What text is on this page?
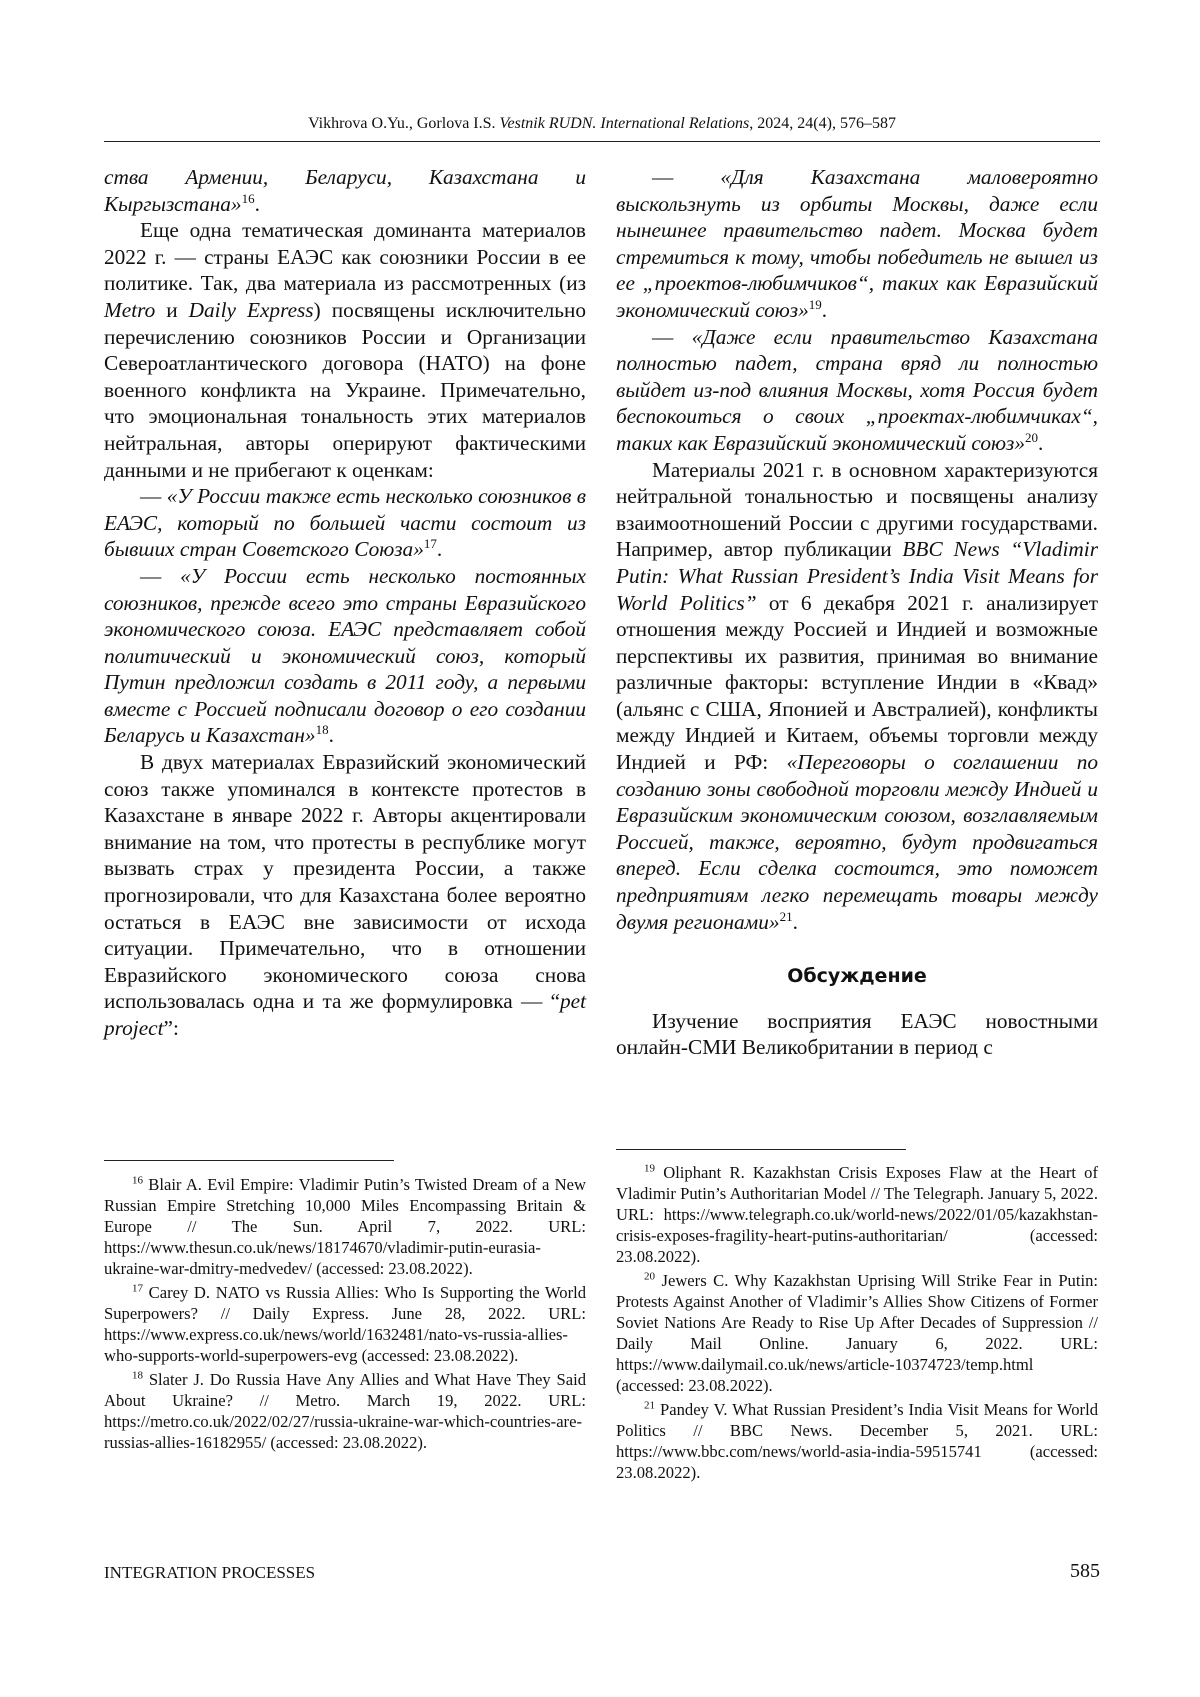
Vikhrova O.Yu., Gorlova I.S. Vestnik RUDN. International Relations, 2024, 24(4), 576–587

ства Армении, Беларуси, Казахстана и Кыргызстана»$^{16}$.

Еще одна тематическая доминанта материалов 2022 г. — страны ЕАЭС как союзники России в ее политике. Так, два материала из рассмотренных (из Metro и Daily Express) посвящены исключительно перечислению союзников России и Организации Североатлантического договора (НАТО) на фоне военного конфликта на Украине. Примечательно, что эмоциональная тональность этих материалов нейтральная, авторы оперируют фактическими данными и не прибегают к оценкам:

— «У России также есть несколько союзников в ЕАЭС, который по большей части состоит из бывших стран Советского Союза»$^{17}$.

— «У России есть несколько постоянных союзников, прежде всего это страны Евразийского экономического союза. ЕАЭС представляет собой политический и экономический союз, который Путин предложил создать в 2011 году, а первыми вместе с Россией подписали договор о его создании Беларусь и Казахстан»$^{18}$.

В двух материалах Евразийский экономический союз также упоминался в контексте протестов в Казахстане в январе 2022 г. Авторы акцентировали внимание на том, что протесты в республике могут вызвать страх у президента России, а также прогнозировали, что для Казахстана более вероятно остаться в ЕАЭС вне зависимости от исхода ситуации. Примечательно, что в отношении Евразийского экономического союза снова использовалась одна и та же формулировка — “pet project”:

— «Для Казахстана маловероятно выскользнуть из орбиты Москвы, даже если нынешнее правительство падет. Москва будет стремиться к тому, чтобы победитель не вышел из ее „проектов-любимчиков“, таких как Евразийский экономический союз»$^{19}$.

— «Даже если правительство Казахстана полностью падет, страна вряд ли полностью выйдет из-под влияния Москвы, хотя Россия будет беспокоиться о своих „проектах-любимчиках“, таких как Евразийский экономический союз»$^{20}$.

Материалы 2021 г. в основном характеризуются нейтральной тональностью и посвящены анализу взаимоотношений России с другими государствами. Например, автор публикации BBC News “Vladimir Putin: What Russian President’s India Visit Means for World Politics” от 6 декабря 2021 г. анализирует отношения между Россией и Индией и возможные перспективы их развития, принимая во внимание различные факторы: вступление Индии в «Квад» (альянс с США, Японией и Австралией), конфликты между Индией и Китаем, объемы торговли между Индией и РФ: «Переговоры о соглашении по созданию зоны свободной торговли между Индией и Евразийским экономическим союзом, возглавляемым Россией, также, вероятно, будут продвигаться вперед. Если сделка состоится, это поможет предприятиям легко перемещать товары между двумя регионами»$^{21}$.

Обсуждение

Изучение восприятия ЕАЭС новостными онлайн-СМИ Великобритании в период с

$^{16}$ Blair A. Evil Empire: Vladimir Putin’s Twisted Dream of a New Russian Empire Stretching 10,000 Miles Encompassing Britain & Europe // The Sun. April 7, 2022. URL: https://www.thesun.co.uk/news/18174670/vladimir-putin-eurasia-ukraine-war-dmitry-medvedev/ (accessed: 23.08.2022).

$^{17}$ Carey D. NATO vs Russia Allies: Who Is Supporting the World Superpowers? // Daily Express. June 28, 2022. URL: https://www.express.co.uk/news/world/1632481/nato-vs-russia-allies-who-supports-world-superpowers-evg (accessed: 23.08.2022).

$^{18}$ Slater J. Do Russia Have Any Allies and What Have They Said About Ukraine? // Metro. March 19, 2022. URL: https://metro.co.uk/2022/02/27/russia-ukraine-war-which-countries-are-russias-allies-16182955/ (accessed: 23.08.2022).

$^{19}$ Oliphant R. Kazakhstan Crisis Exposes Flaw at the Heart of Vladimir Putin’s Authoritarian Model // The Telegraph. January 5, 2022. URL: https://www.telegraph.co.uk/world-news/2022/01/05/kazakhstan-crisis-exposes-fragility-heart-putins-authoritarian/ (accessed: 23.08.2022).

$^{20}$ Jewers C. Why Kazakhstan Uprising Will Strike Fear in Putin: Protests Against Another of Vladimir’s Allies Show Citizens of Former Soviet Nations Are Ready to Rise Up After Decades of Suppression // Daily Mail Online. January 6, 2022. URL: https://www.dailymail.co.uk/news/article-10374723/temp.html (accessed: 23.08.2022).

$^{21}$ Pandey V. What Russian President’s India Visit Means for World Politics // BBC News. December 5, 2021. URL: https://www.bbc.com/news/world-asia-india-59515741 (accessed: 23.08.2022).

INTEGRATION PROCESSES	585
